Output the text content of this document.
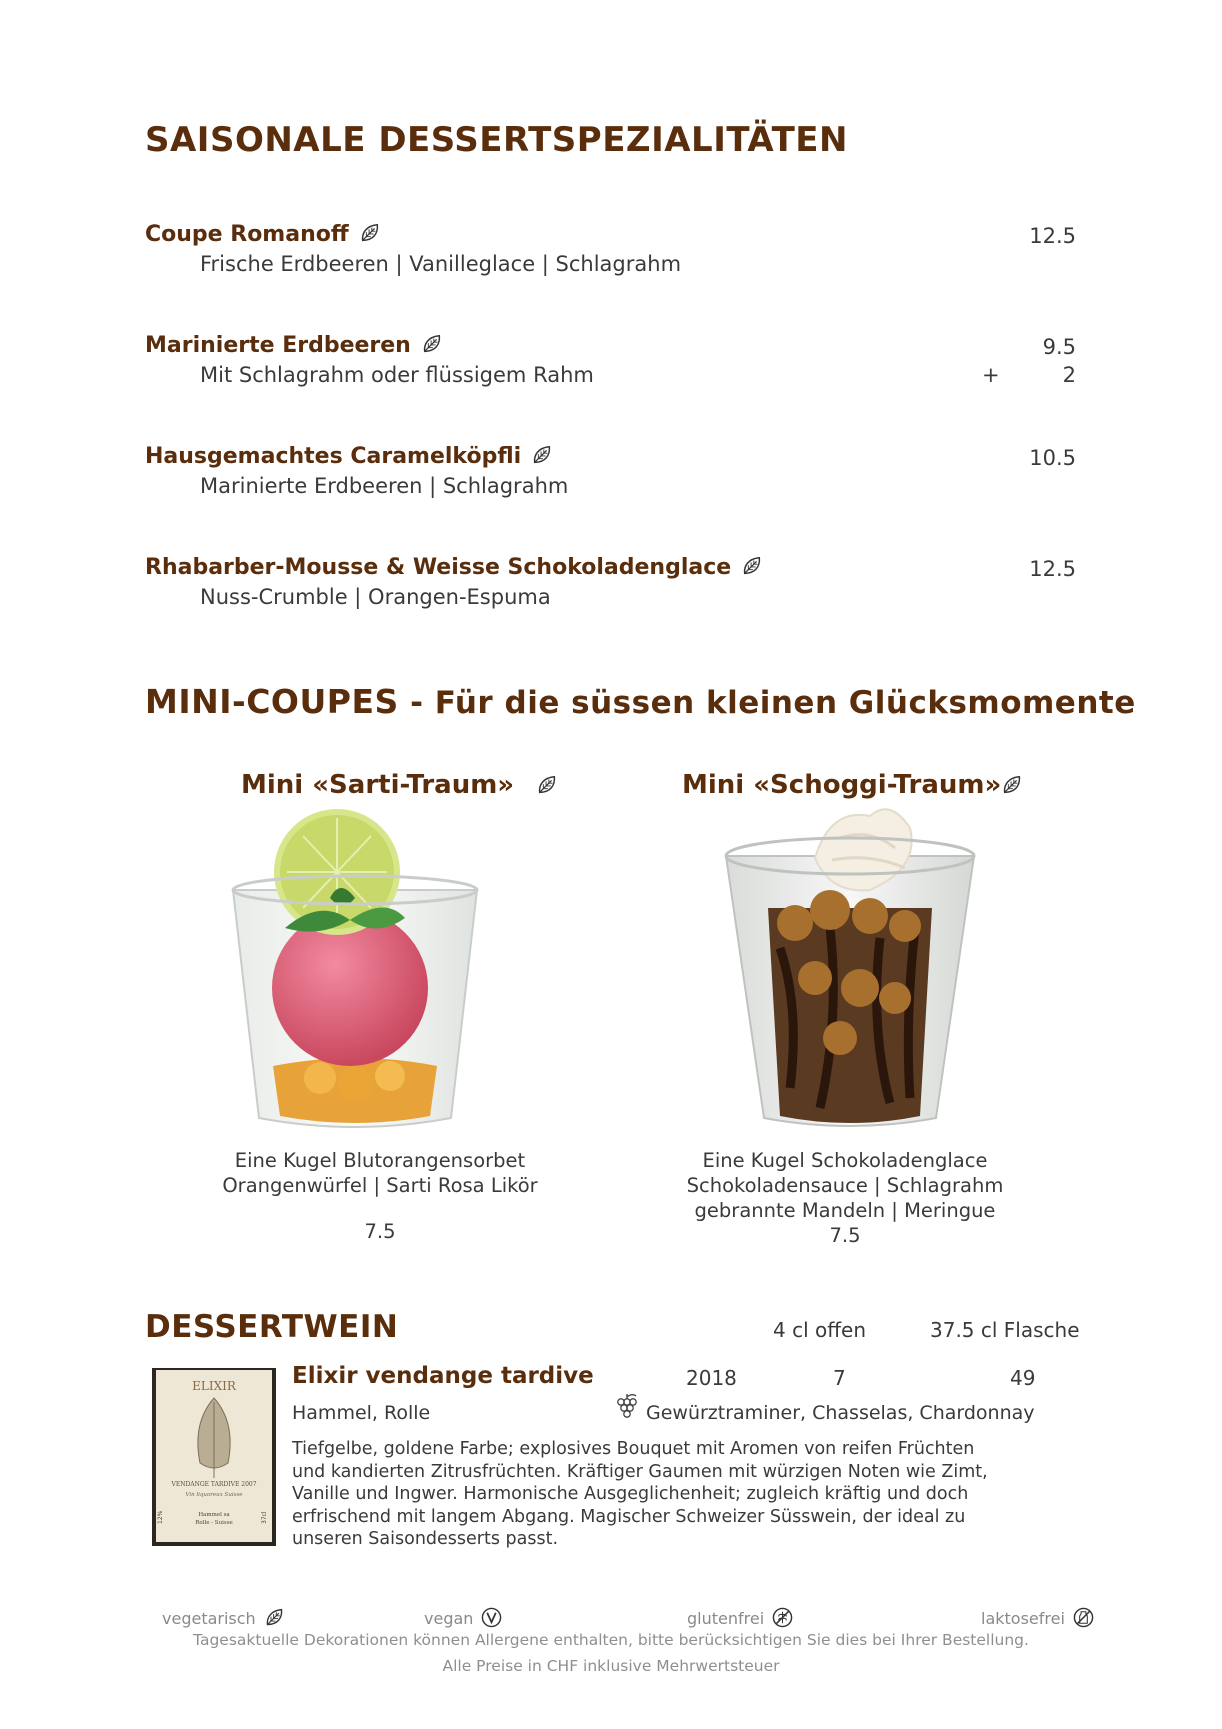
SAISONALE DESSERTSPEZIALITÄTEN
Coupe Romanoff
Frische Erdbeeren | Vanilleglace | Schlagrahm
12.5
Marinierte Erdbeeren
Mit Schlagrahm oder flüssigem Rahm
9.5
+	2
Hausgemachtes Caramelköpfli
Marinierte Erdbeeren | Schlagrahm
10.5
Rhabarber-Mousse & Weisse Schokoladenglace
Nuss-Crumble | Orangen-Espuma
12.5
MINI-COUPES - Für die süssen kleinen Glücksmomente
Mini «Sarti-Traum»	Mini «Schoggi-Traum»
Eine Kugel Blutorangensorbet
Orangenwürfel | Sarti Rosa Likör
7.5
Eine Kugel Schokoladenglace
Schokoladensauce | Schlagrahm
gebrannte Mandeln | Meringue
7.5
DESSERTWEIN	4 cl offen	37.5 cl Flasche
ELIXIR
VENDANGE TARDIVE 2007
Vin liquoreux Suisse
Hammel sa
Rolle - Suisse
12%	37cl
Elixir vendange tardive	2018	7	49
Hammel, Rolle	Gewürztraminer, Chasselas, Chardonnay
Tiefgelbe, goldene Farbe; explosives Bouquet mit Aromen von reifen Früchten und kandierten Zitrusfrüchten. Kräftiger Gaumen mit würzigen Noten wie Zimt, Vanille und Ingwer. Harmonische Ausgeglichenheit; zugleich kräftig und doch erfrischend mit langem Abgang. Magischer Schweizer Süsswein, der ideal zu unseren Saisondesserts passt.
vegetarisch	vegan	glutenfrei	laktosefrei
Tagesaktuelle Dekorationen können Allergene enthalten, bitte berücksichtigen Sie dies bei Ihrer Bestellung.
Alle Preise in CHF inklusive Mehrwertsteuer
